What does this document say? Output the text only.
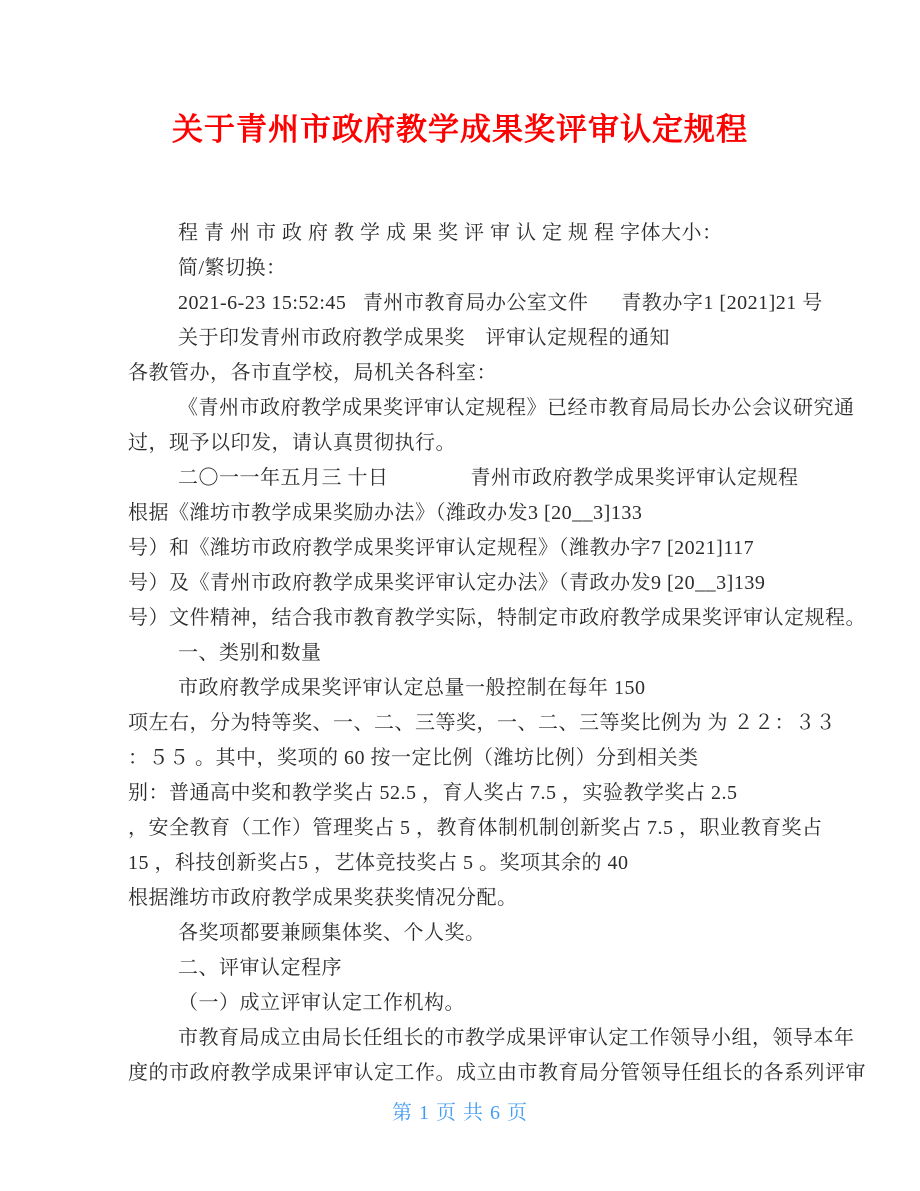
关于青州市政府教学成果奖评审认定规程
程 青 州 市 政 府 教 学 成 果 奖 评 审 认 定 规 程 字体大小：
简/繁切换：
2021-6-23 15:52:45   青州市教育局办公室文件      青教办字1 [2021]21 号
关于印发青州市政府教学成果奖　评审认定规程的通知
各教管办，各市直学校，局机关各科室：
《青州市政府教学成果奖评审认定规程》已经市教育局局长办公会议研究通
过，现予以印发，请认真贯彻执行。
二〇一一年五月三 十日　　　　青州市政府教学成果奖评审认定规程
根据《潍坊市教学成果奖励办法》（潍政办发3 [20__3]133
号）和《潍坊市政府教学成果奖评审认定规程》（潍教办字7 [2021]117
号）及《青州市政府教学成果奖评审认定办法》（青政办发9 [20__3]139
号）文件精神，结合我市教育教学实际，特制定市政府教学成果奖评审认定规程。
一、类别和数量
市政府教学成果奖评审认定总量一般控制在每年 150
项左右，分为特等奖、一、二、三等奖，一、二、三等奖比例为 为 ２２：３３
：５５ 。其中，奖项的 60 按一定比例（潍坊比例）分到相关类
别：普通高中奖和教学奖占 52.5 ，育人奖占 7.5 ，实验教学奖占 2.5
，安全教育（工作）管理奖占 5 ，教育体制机制创新奖占 7.5 ，职业教育奖占
15 ，科技创新奖占5 ，艺体竞技奖占 5 。奖项其余的 40
根据潍坊市政府教学成果奖获奖情况分配。
各奖项都要兼顾集体奖、个人奖。
二、评审认定程序
（一）成立评审认定工作机构。
市教育局成立由局长任组长的市教学成果评审认定工作领导小组，领导本年
度的市政府教学成果评审认定工作。成立由市教育局分管领导任组长的各系列评审
第 1 页 共 6 页
